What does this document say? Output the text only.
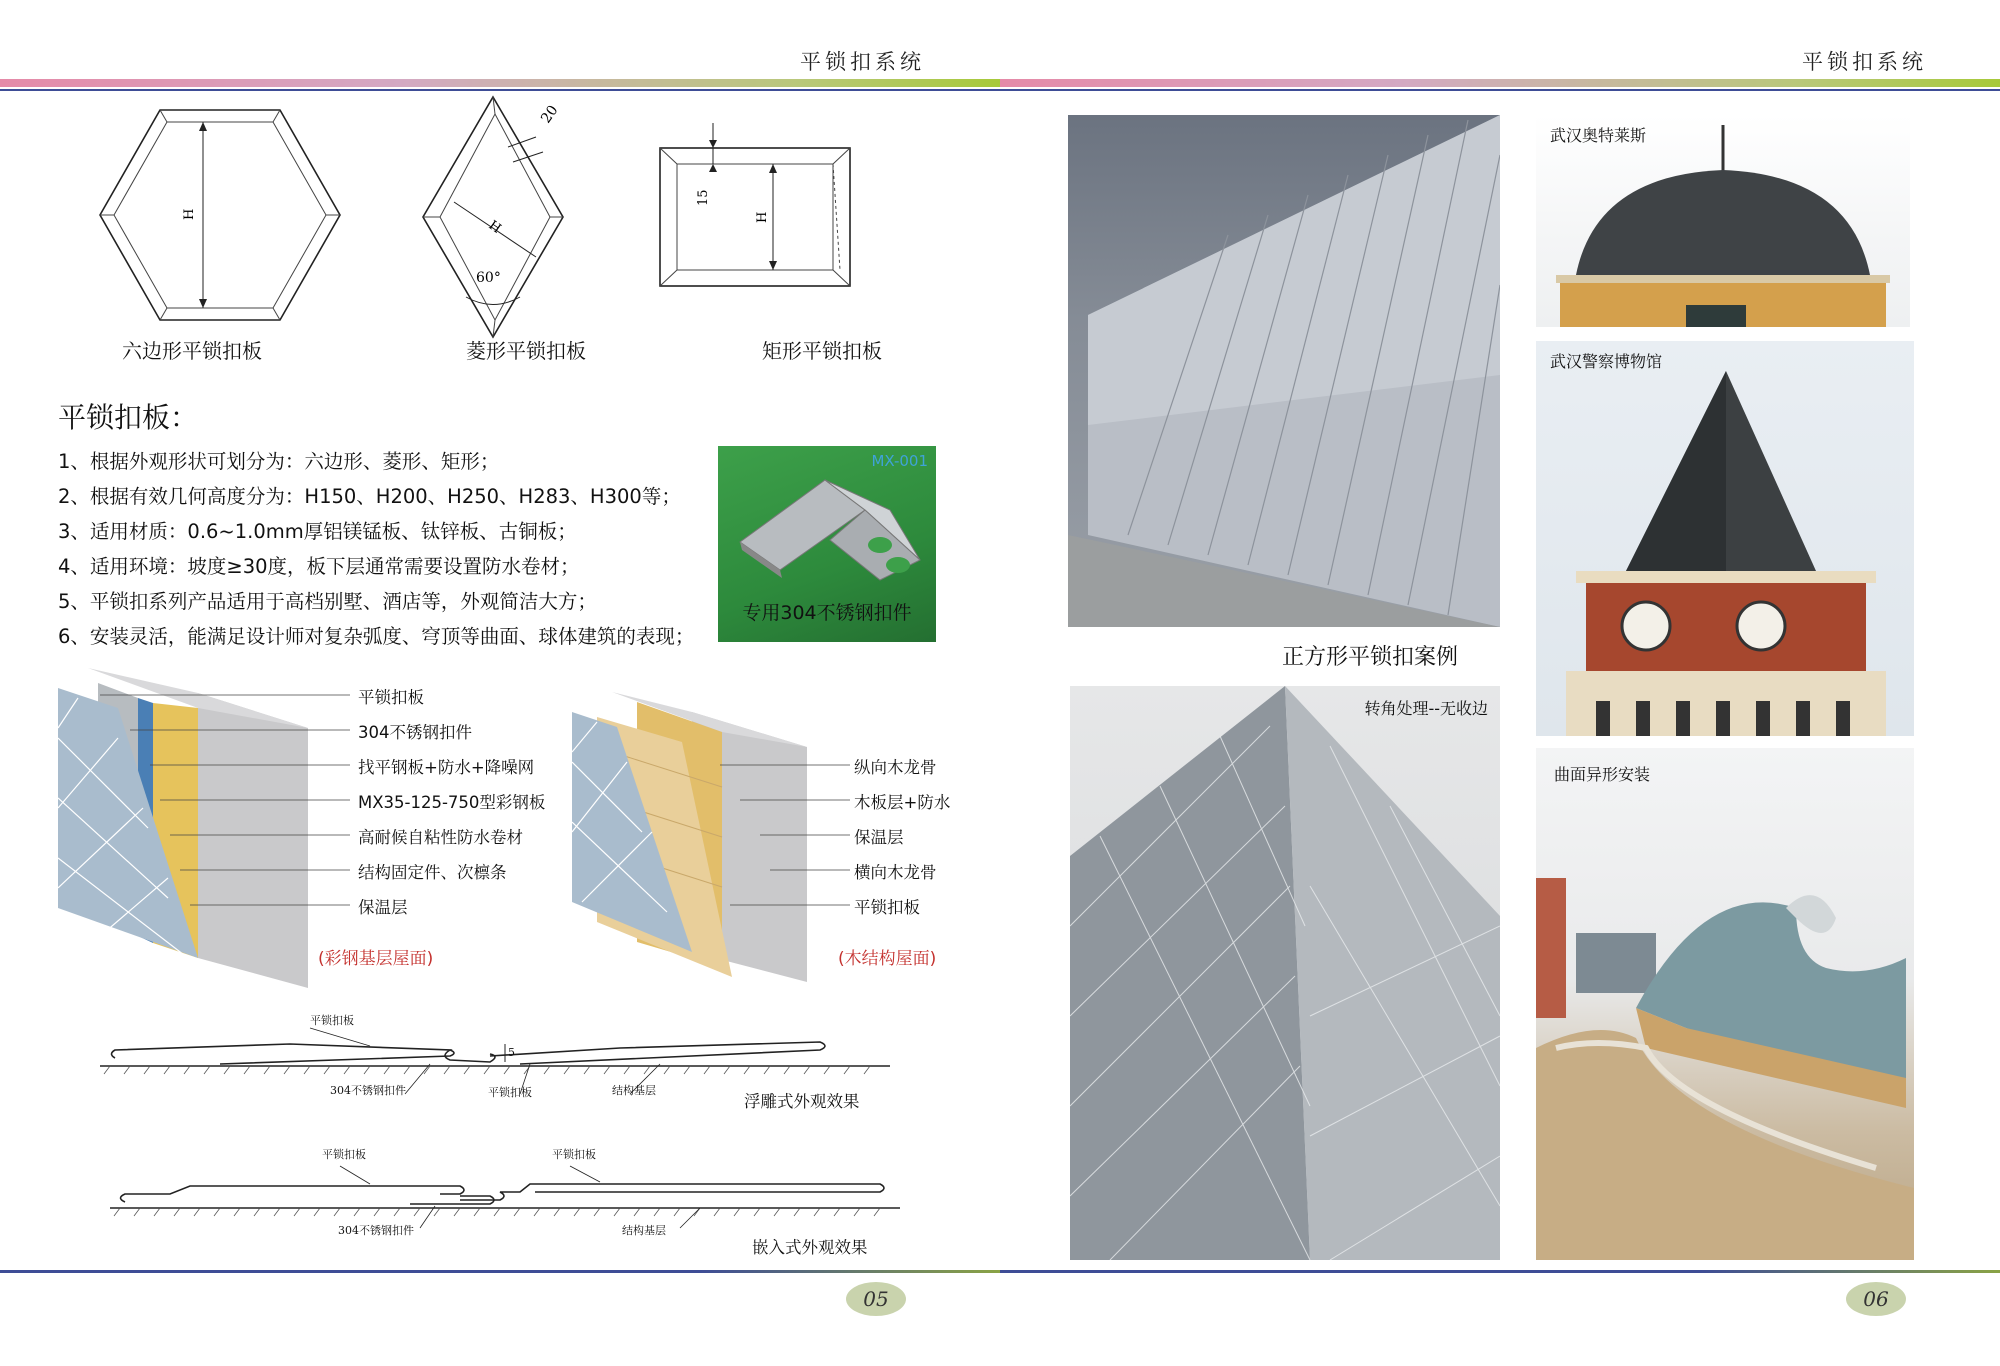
平锁扣系统	平锁扣系统
H
六边形平锁扣板
20
H
60°
菱形平锁扣板
15
H
矩形平锁扣板
平锁扣板：
1、根据外观形状可划分为：六边形、菱形、矩形；
2、根据有效几何高度分为：H150、H200、H250、H283、H300等；
3、适用材质：0.6~1.0mm厚铝镁锰板、钛锌板、古铜板；
4、适用环境：坡度≥30度，板下层通常需要设置防水卷材；
5、平锁扣系列产品适用于高档别墅、酒店等，外观简洁大方；
6、安装灵活，能满足设计师对复杂弧度、穹顶等曲面、球体建筑的表现；
MX-001
专用304不锈钢扣件
平锁扣板
304不锈钢扣件
找平钢板+防水+降噪网
MX35-125-750型彩钢板
高耐候自粘性防水卷材
结构固定件、次檩条
保温层
(彩钢基层屋面)
纵向木龙骨
木板层+防水
保温层
横向木龙骨
平锁扣板
(木结构屋面)
平锁扣板
5
304不锈钢扣件	平锁扣板	结构基层
浮雕式外观效果
平锁扣板	平锁扣板
304不锈钢扣件	结构基层
嵌入式外观效果
正方形平锁扣案例
转角处理--无收边
武汉奥特莱斯
武汉警察博物馆
曲面异形安装
05	06
